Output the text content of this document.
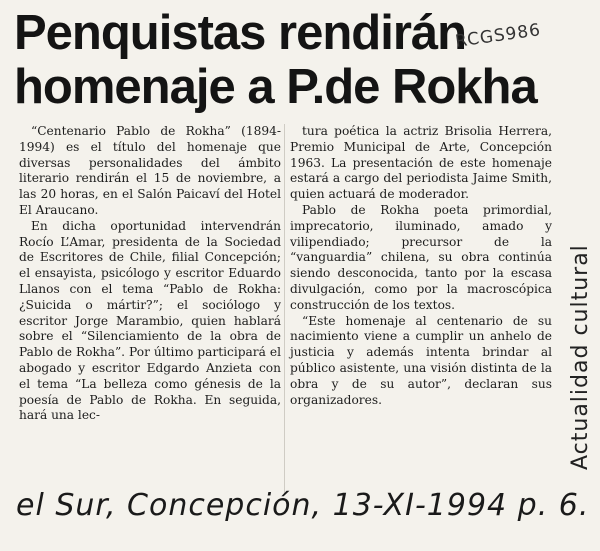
Penquistas rendirán
homenaje a P.de Rokha
RCGS986

“Centenario Pablo de Rokha” (1894-1994) es el título del homenaje que diversas personalidades del ámbito literario rendirán el 15 de noviembre, a las 20 horas, en el Salón Paicaví del Hotel El Araucano.

En dicha oportunidad intervendrán Rocío L’Amar, presidenta de la Sociedad de Escritores de Chile, filial Concepción; el ensayista, psicólogo y escritor Eduardo Llanos con el tema “Pablo de Rokha: ¿Suicida o mártir?”; el sociólogo y escritor Jorge Marambio, quien hablará sobre el “Silenciamiento de la obra de Pablo de Rokha”. Por último participará el abogado y escritor Edgardo Anzieta con el tema “La belleza como génesis de la poesía de Pablo de Rokha. En seguida, hará una lec-

tura poética la actriz Brisolia Herrera, Premio Municipal de Arte, Concepción 1963. La presentación de este homenaje estará a cargo del periodista Jaime Smith, quien actuará de moderador.

Pablo de Rokha poeta primordial, imprecatorio, iluminado, amado y vilipendiado; precursor de la “vanguardia” chilena, su obra continúa siendo desconocida, tanto por la escasa divulgación, como por la macroscópica construcción de los textos.

“Este homenaje al centenario de su nacimiento viene a cumplir un anhelo de justicia y además intenta brindar al público asistente, una visión distinta de la obra y de su autor”, declaran sus organizadores.	Actualidad cultural
el Sur, Concepción, 13-XI-1994 p. 6.
